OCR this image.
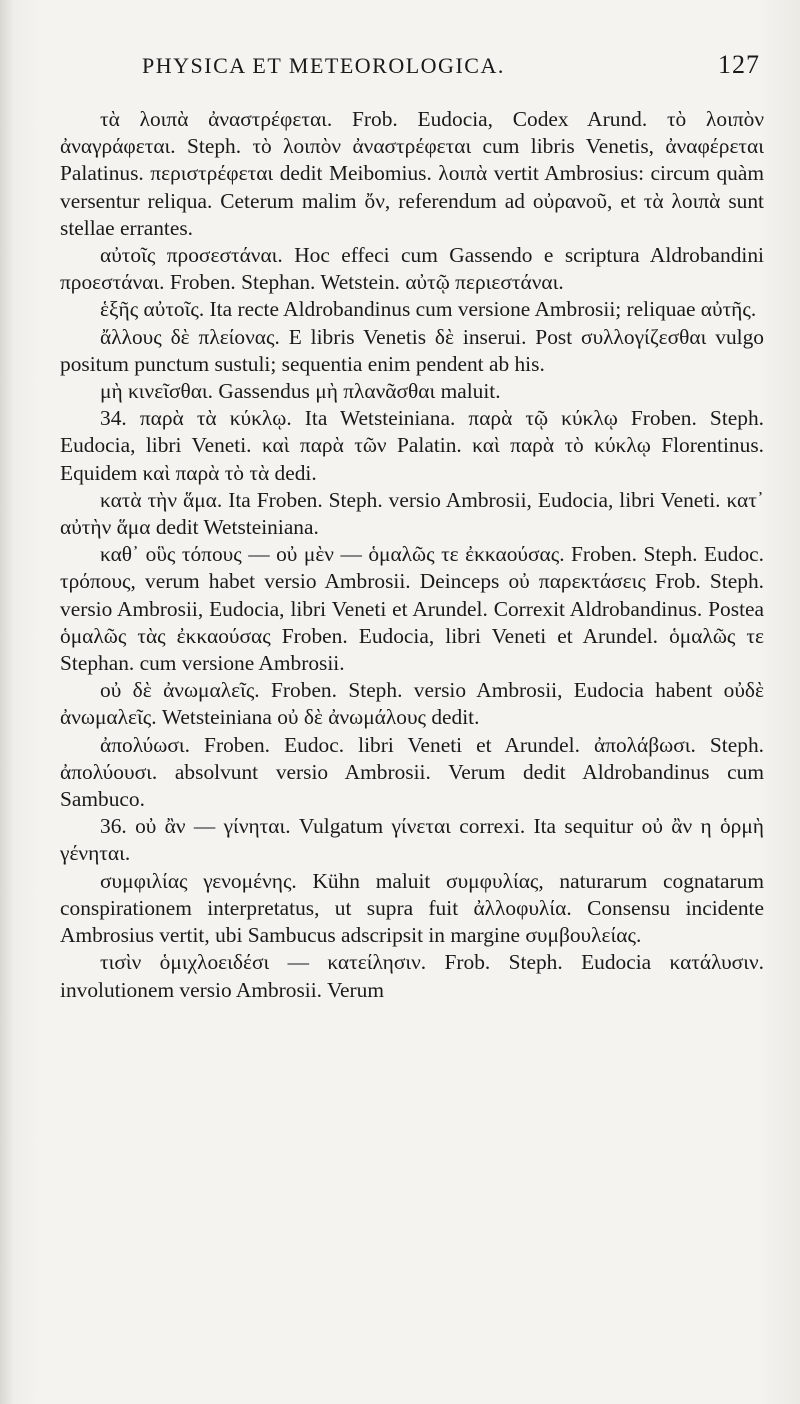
PHYSICA ET METEOROLOGICA.	127

τὰ λοιπὰ ἀναστρέφεται. Frob. Eudocia, Codex Arund. τὸ λοιπὸν ἀναγράφεται. Steph. τὸ λοιπὸν ἀναστρέφεται cum libris Venetis, ἀναφέρεται Palatinus. περιστρέφεται dedit Meibomius. λοιπὰ vertit Ambrosius: circum quàm versentur reliqua. Ceterum malim ὄν, referendum ad οὐρανοῦ, et τὰ λοιπὰ sunt stellae errantes.

αὐτοῖς προσεστάναι. Hoc effeci cum Gassendo e scriptura Aldrobandini προεστάναι. Froben. Stephan. Wetstein. αὐτῷ περιεστάναι.

ἑξῆς αὐτοῖς. Ita recte Aldrobandinus cum versione Ambrosii; reliquae αὐτῆς.

ἄλλους δὲ πλείονας. E libris Venetis δὲ inserui. Post συλλογίζεσθαι vulgo positum punctum sustuli; sequentia enim pendent ab his.

μὴ κινεῖσθαι. Gassendus μὴ πλανᾶσθαι maluit.

34. παρὰ τὰ κύκλῳ. Ita Wetsteiniana. παρὰ τῷ κύκλῳ Froben. Steph. Eudocia, libri Veneti. καὶ παρὰ τῶν Palatin. καὶ παρὰ τὸ κύκλῳ Florentinus. Equidem καὶ παρὰ τὸ τὰ dedi.

κατὰ τὴν ἅμα. Ita Froben. Steph. versio Ambrosii, Eudocia, libri Veneti. κατ᾽ αὐτὴν ἅμα dedit Wetsteiniana.

καθ᾽ οὓς τόπους — οὐ μὲν — ὁμαλῶς τε ἐκκαούσας. Froben. Steph. Eudoc. τρόπους, verum habet versio Ambrosii. Deinceps οὐ παρεκτάσεις Frob. Steph. versio Ambrosii, Eudocia, libri Veneti et Arundel. Correxit Aldrobandinus. Postea ὁμαλῶς τὰς ἐκκαούσας Froben. Eudocia, libri Veneti et Arundel. ὁμαλῶς τε Stephan. cum versione Ambrosii.

οὐ δὲ ἀνωμαλεῖς. Froben. Steph. versio Ambrosii, Eudocia habent οὐδὲ ἀνωμαλεῖς. Wetsteiniana οὐ δὲ ἀνωμάλους dedit.

ἀπολύωσι. Froben. Eudoc. libri Veneti et Arundel. ἀπολάβωσι. Steph. ἀπολύουσι. absolvunt versio Ambrosii. Verum dedit Aldrobandinus cum Sambuco.

36. οὐ ἂν — γίνηται. Vulgatum γίνεται correxi. Ita sequitur οὐ ἂν η ὁρμὴ γένηται.

συμφιλίας γενομένης. Kühn maluit συμφυλίας, naturarum cognatarum conspirationem interpretatus, ut supra fuit ἀλλοφυλία. Consensu incidente Ambrosius vertit, ubi Sambucus adscripsit in margine συμβουλείας.

τισὶν ὁμιχλοειδέσι — κατείλησιν. Frob. Steph. Eudocia κατάλυσιν. involutionem versio Ambrosii. Verum
